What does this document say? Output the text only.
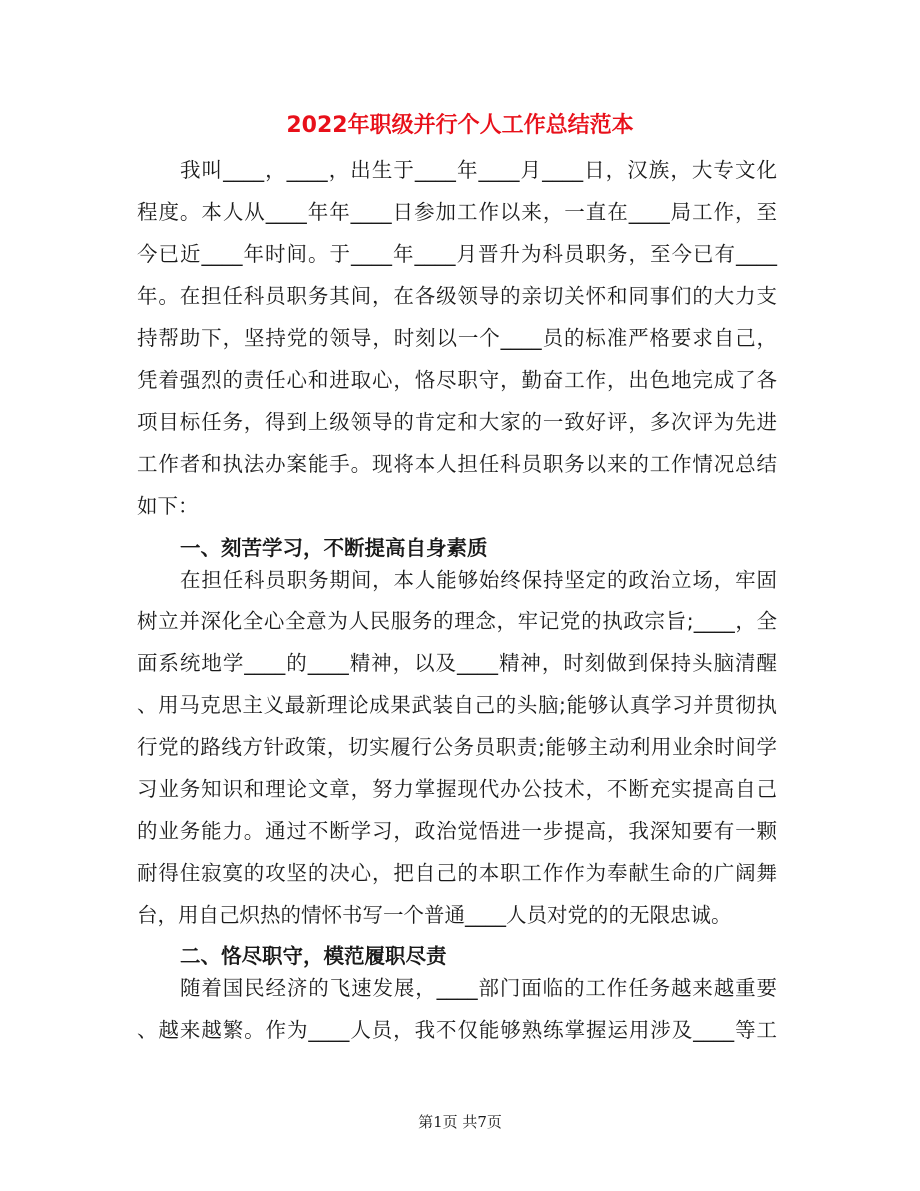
2022年职级并行个人工作总结范本
我叫____，____，出生于____年____月____日，汉族，大专文化
程度。本人从____年年____日参加工作以来，一直在____局工作，至
今已近____年时间。于____年____月晋升为科员职务，至今已有____
年。在担任科员职务其间，在各级领导的亲切关怀和同事们的大力支
持帮助下，坚持党的领导，时刻以一个____员的标准严格要求自己，
凭着强烈的责任心和进取心，恪尽职守，勤奋工作，出色地完成了各
项目标任务，得到上级领导的肯定和大家的一致好评，多次评为先进
工作者和执法办案能手。现将本人担任科员职务以来的工作情况总结
如下：
一、刻苦学习，不断提高自身素质
在担任科员职务期间，本人能够始终保持坚定的政治立场，牢固
树立并深化全心全意为人民服务的理念，牢记党的执政宗旨;____，全
面系统地学____的____精神，以及____精神，时刻做到保持头脑清醒
、用马克思主义最新理论成果武装自己的头脑;能够认真学习并贯彻执
行党的路线方针政策，切实履行公务员职责;能够主动利用业余时间学
习业务知识和理论文章，努力掌握现代办公技术，不断充实提高自己
的业务能力。通过不断学习，政治觉悟进一步提高，我深知要有一颗
耐得住寂寞的攻坚的决心，把自己的本职工作作为奉献生命的广阔舞
台，用自己炽热的情怀书写一个普通____人员对党的的无限忠诚。
二、恪尽职守，模范履职尽责
随着国民经济的飞速发展，____部门面临的工作任务越来越重要
、越来越繁。作为____人员，我不仅能够熟练掌握运用涉及____等工
第1页 共7页
